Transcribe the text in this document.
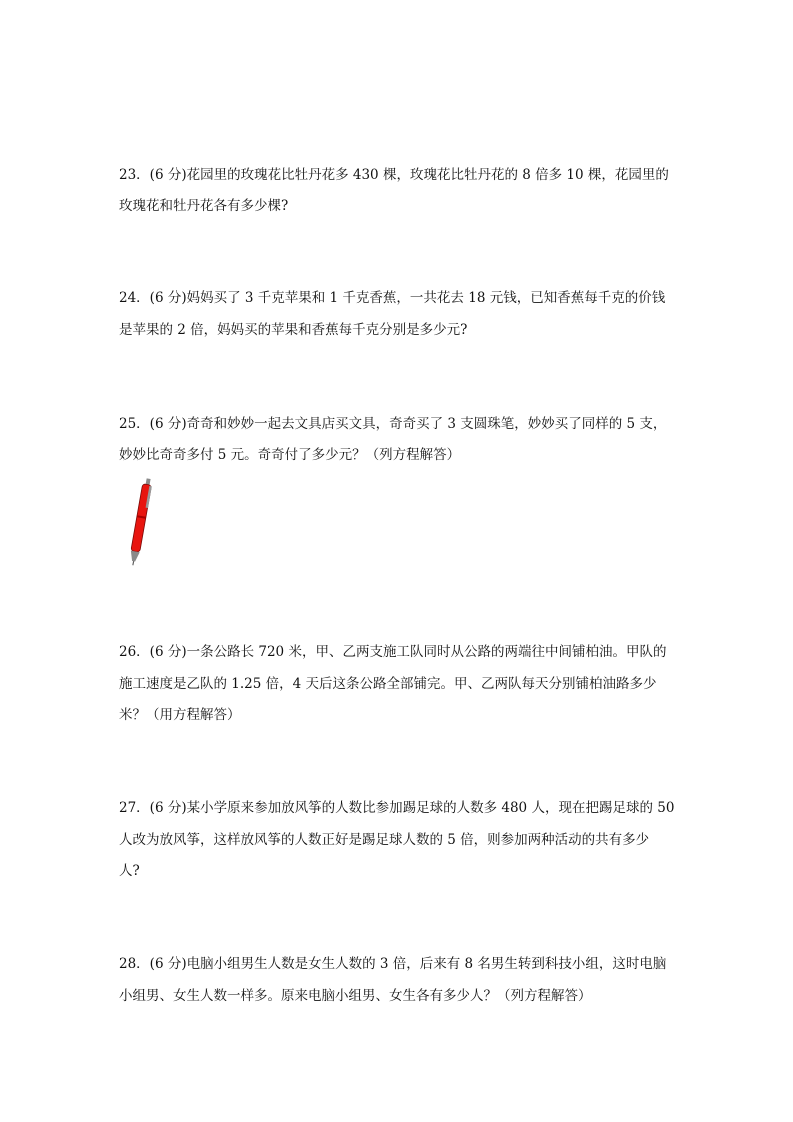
23．(6 分)花园里的玫瑰花比牡丹花多 430 棵，玫瑰花比牡丹花的 8 倍多 10 棵，花园里的
玫瑰花和牡丹花各有多少棵?
24．(6 分)妈妈买了 3 千克苹果和 1 千克香蕉，一共花去 18 元钱，已知香蕉每千克的价钱
是苹果的 2 倍，妈妈买的苹果和香蕉每千克分别是多少元?
25．(6 分)奇奇和妙妙一起去文具店买文具，奇奇买了 3 支圆珠笔，妙妙买了同样的 5 支，
妙妙比奇奇多付 5 元。奇奇付了多少元？（列方程解答）
26．(6 分)一条公路长 720 米，甲、乙两支施工队同时从公路的两端往中间铺柏油。甲队的
施工速度是乙队的 1.25 倍，4 天后这条公路全部铺完。甲、乙两队每天分别铺柏油路多少
米？（用方程解答）
27．(6 分)某小学原来参加放风筝的人数比参加踢足球的人数多 480 人，现在把踢足球的 50
人改为放风筝，这样放风筝的人数正好是踢足球人数的 5 倍，则参加两种活动的共有多少
人?
28．(6 分)电脑小组男生人数是女生人数的 3 倍，后来有 8 名男生转到科技小组，这时电脑
小组男、女生人数一样多。原来电脑小组男、女生各有多少人？（列方程解答）
